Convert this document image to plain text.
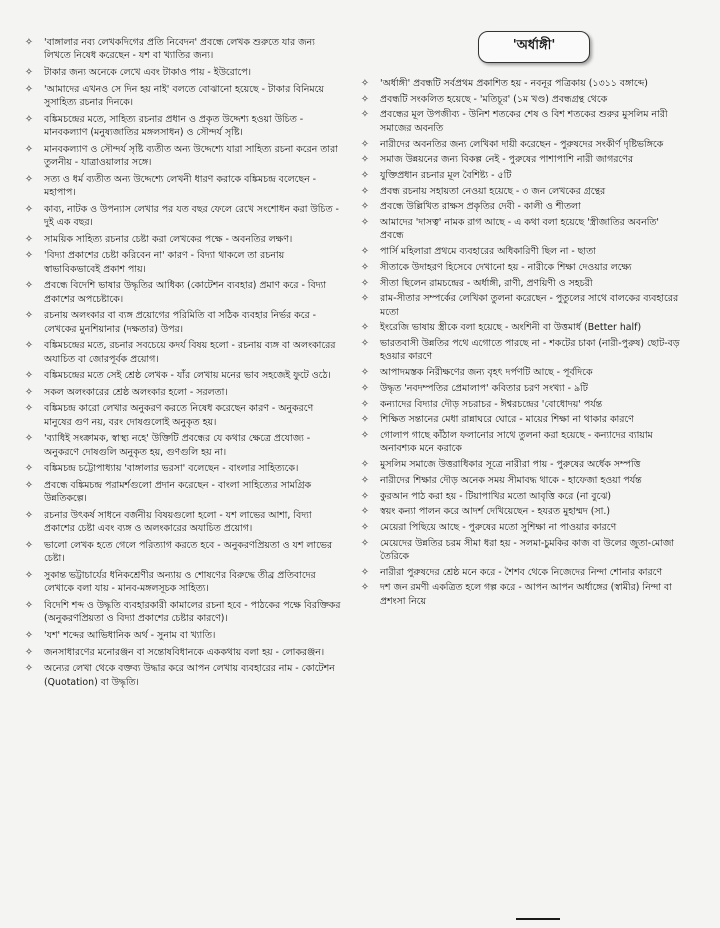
✧ 'বাঙ্গালার নব্য লেখকদিগের প্রতি নিবেদন' প্রবন্ধে লেখক শুরুতে যার জন্য লিখতে নিষেধ করেছেন - যশ বা খ্যাতির জন্য।
✧ টাকার জন্য অনেকে লেখে এবং টাকাও পায় - ইউরোপে।
✧ 'আমাদের এখনও সে দিন হয় নাই' বলতে বোঝানো হয়েছে - টাকার বিনিময়ে সুসাহিত্য রচনার দিনকে।
✧ বঙ্কিমচন্দ্রের মতে, সাহিত্য রচনার প্রধান ও প্রকৃত উদ্দেশ্য হওয়া উচিত - মানবকল্যাণ (মনুষ্যজাতির মঙ্গলসাধন) ও সৌন্দর্য সৃষ্টি।
✧ মানবকল্যাণ ও সৌন্দর্য সৃষ্টি ব্যতীত অন্য উদ্দেশ্যে যারা সাহিত্য রচনা করেন তারা তুলনীয় - যাত্রাওয়ালার সঙ্গে।
✧ সত্য ও ধর্ম ব্যতীত অন্য উদ্দেশ্যে লেখনী ধারণ করাকে বঙ্কিমচন্দ্র বলেছেন - মহাপাপ।
✧ কাব্য, নাটক ও উপন্যাস লেখার পর যত বছর ফেলে রেখে সংশোধন করা উচিত - দুই এক বছর।
✧ সাময়িক সাহিত্য রচনার চেষ্টা করা লেখকের পক্ষে - অবনতির লক্ষণ।
✧ 'বিদ্যা প্রকাশের চেষ্টা করিবেন না' কারণ - বিদ্যা থাকলে তা রচনায় স্বাভাবিকভাবেই প্রকাশ পায়।
✧ প্রবন্ধে বিদেশি ভাষার উদ্ধৃতির আধিক্য (কোটেশন ব্যবহার) প্রমাণ করে - বিদ্যা প্রকাশের অপচেষ্টাকে।
✧ রচনায় অলংকার বা ব্যঙ্গ প্রয়োগের পরিমিতি বা সঠিক ব্যবহার নির্ভর করে - লেখকের মুনশিয়ানার (দক্ষতার) উপর।
✧ বঙ্কিমচন্দ্রের মতে, রচনার সবচেয়ে কদর্য বিষয় হলো - রচনায় ব্যঙ্গ বা অলংকারের অযাচিত বা জোরপূর্বক প্রয়োগ।
✧ বঙ্কিমচন্দ্রের মতে সেই শ্রেষ্ঠ লেখক - যাঁর লেখায় মনের ভাব সহজেই ফুটে ওঠে।
✧ সকল অলংকারের শ্রেষ্ঠ অলংকার হলো - সরলতা।
✧ বঙ্কিমচন্দ্র কারো লেখার অনুকরণ করতে নিষেধ করেছেন কারণ - অনুকরণে মানুষের গুণ নয়, বরং দোষগুলোই অনুকৃত হয়।
✧ 'ব্যাধিই সংক্রামক, স্বাস্থ্য নহে' উক্তিটি প্রবন্ধের যে কথার ক্ষেত্রে প্রযোজ্য - অনুকরণে দোষগুলি অনুকৃত হয়, গুণগুলি হয় না।
✧ বঙ্কিমচন্দ্র চট্টোপাধ্যায় 'বাঙ্গালার ভরসা' বলেছেন - বাংলার সাহিত্যকে।
✧ প্রবন্ধে বঙ্কিমচন্দ্র পরামর্শগুলো প্রদান করেছেন - বাংলা সাহিত্যের সামগ্রিক উন্নতিকল্পে।
✧ রচনার উৎকর্ষ সাধনে বর্জনীয় বিষয়গুলো হলো - যশ লাভের আশা, বিদ্যা প্রকাশের চেষ্টা এবং ব্যঙ্গ ও অলংকারের অযাচিত প্রয়োগ।
✧ ভালো লেখক হতে গেলে পরিত্যাগ করতে হবে - অনুকরণপ্রিয়তা ও যশ লাভের চেষ্টা।
✧ সুকান্ত ভট্টাচার্যের ধনিকশ্রেণীর অন্যায় ও শোষণের বিরুদ্ধে তীব্র প্রতিবাদের লেখাকে বলা যায় - মানব-মঙ্গলসূচক সাহিত্য।
✧ বিদেশি শব্দ ও উদ্ধৃতি ব্যবহারকারী কামালের রচনা হবে - পাঠকের পক্ষে বিরক্তিকর (অনুকরণপ্রিয়তা ও বিদ্যা প্রকাশের চেষ্টার কারণে)।
✧ 'যশ' শব্দের আভিধানিক অর্থ - সুনাম বা খ্যাতি।
✧ জনসাধারণের মনোরঞ্জন বা সন্তোষবিধানকে এককথায় বলা হয় - লোকরঞ্জন।
✧ অন্যের লেখা থেকে বক্তব্য উদ্ধার করে আপন লেখায় ব্যবহারের নাম - কোটেশন (Quotation) বা উদ্ধৃতি।
'অর্ধাঙ্গী'
✧ 'অর্ধাঙ্গী' প্রবন্ধটি সর্বপ্রথম প্রকাশিত হয় - নবনূর পত্রিকায় (১৩১১ বঙ্গাব্দে)
✧ প্রবন্ধটি সংকলিত হয়েছে - 'মতিচূর' (১ম খণ্ড) প্রবন্ধগ্রন্থ থেকে
✧ প্রবন্ধের মূল উপজীব্য - উনিশ শতকের শেষ ও বিশ শতকের শুরুর মুসলিম নারী সমাজের অবনতি
✧ নারীদের অবনতির জন্য লেখিকা দায়ী করেছেন - পুরুষদের সংকীর্ণ দৃষ্টিভঙ্গিকে
✧ সমাজ উন্নয়নের জন্য বিকল্প নেই - পুরুষের পাশাপাশি নারী জাগরণের
✧ যুক্তিপ্রধান রচনার মূল বৈশিষ্ট্য - ৫টি
✧ প্রবন্ধ রচনায় সহায়তা নেওয়া হয়েছে - ৩ জন লেখকের গ্রন্থের
✧ প্রবন্ধে উল্লিখিত রাক্ষস প্রকৃতির দেবী - কালী ও শীতলা
✧ আমাদের 'দাসত্ব' নামক রাগ আছে - এ কথা বলা হয়েছে 'স্ত্রীজাতির অবনতি' প্রবন্ধে
✧ পার্সি মহিলারা প্রথমে ব্যবহারের অধিকারিণী ছিল না - ছাতা
✧ সীতাকে উদাহরণ হিসেবে দেখানো হয় - নারীকে শিক্ষা দেওয়ার লক্ষ্যে
✧ সীতা ছিলেন রামচন্দ্রের - অর্ধাঙ্গী, রাণী, প্রণয়িণী ও সহচরী
✧ রাম-সীতার সম্পর্কের লেখিকা তুলনা করেছেন - পুতুলের সাথে বালকের ব্যবহারের মতো
✧ ইংরেজি ভাষায় স্ত্রীকে বলা হয়েছে - অংশিনী বা উত্তমার্ধ (Better half)
✧ ভারতবাসী উন্নতির পথে এগোতে পারছে না - শকটের চাকা (নারী-পুরুষ) ছোট-বড় হওয়ার কারণে
✧ আপাদমস্তক নিরীক্ষণের জন্য বৃহৎ দর্পণটি আছে - পূর্বদিকে
✧ উদ্ধৃত 'নবদম্পতির প্রেমালাপ' কবিতার চরণ সংখ্যা - ৯টি
✧ কন্যাদের বিদ্যার দৌড় সচরাচর - ঈশ্বরচন্দ্রের 'বোধোদয়' পর্যন্ত
✧ শিক্ষিত সন্তানের মেধা রান্নাঘরে ঘোরে - মায়ের শিক্ষা না থাকার কারণে
✧ গোলাপ গাছে কাঁঠাল ফলানোর সাথে তুলনা করা হয়েছে - কন্যাদের ব্যায়াম অনাবশ্যক মনে করাকে
✧ মুসলিম সমাজে উত্তরাধিকার সূত্রে নারীরা পায় - পুরুষের অর্ধেক সম্পত্তি
✧ নারীদের শিক্ষার দৌড় অনেক সময় সীমাবদ্ধ থাকে - হাফেজা হওয়া পর্যন্ত
✧ কুরআন পাঠ করা হয় - টিয়াপাখির মতো আবৃত্তি করে (না বুঝে)
✧ স্বয়ং কন্যা পালন করে আদর্শ দেখিয়েছেন - হযরত মুহাম্মদ (সা.)
✧ মেয়েরা পিছিয়ে আছে - পুরুষের মতো সুশিক্ষা না পাওয়ার কারণে
✧ মেয়েদের উন্নতির চরম সীমা ধরা হয় - সলমা-চুমকির কাজ বা উলের জুতা-মোজা তৈরিকে
✧ নারীরা পুরুষদের শ্রেষ্ঠ মনে করে - শৈশব থেকে নিজেদের নিন্দা শোনার কারণে
✧ দশ জন রমণী একত্রিত হলে গল্প করে - আপন আপন অর্ধাঙ্গের (স্বামীর) নিন্দা বা প্রশংসা নিয়ে
